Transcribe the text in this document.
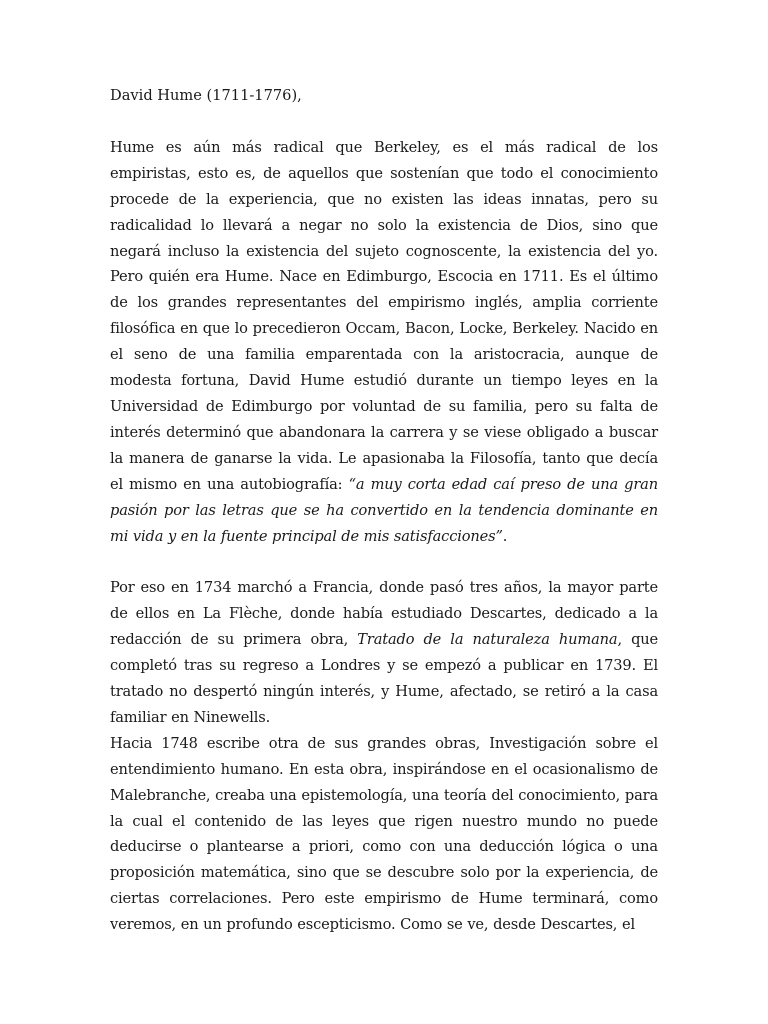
David Hume (1711-1776),

Hume es aún más radical que Berkeley, es el más radical de los empiristas, esto es, de aquellos que sostenían que todo el conocimiento procede de la experiencia, que no existen las ideas innatas, pero su radicalidad lo llevará a negar no solo la existencia de Dios, sino que negará incluso la existencia del sujeto cognoscente, la existencia del yo. Pero quién era Hume. Nace en Edimburgo, Escocia en 1711. Es el último de los grandes representantes del empirismo inglés, amplia corriente filosófica en que lo precedieron Occam, Bacon, Locke, Berkeley. Nacido en el seno de una familia emparentada con la aristocracia, aunque de modesta fortuna, David Hume estudió durante un tiempo leyes en la Universidad de Edimburgo por voluntad de su familia, pero su falta de interés determinó que abandonara la carrera y se viese obligado a buscar la manera de ganarse la vida. Le apasionaba la Filosofía, tanto que decía el mismo en una autobiografía: “a muy corta edad caí preso de una gran pasión por las letras que se ha convertido en la tendencia dominante en mi vida y en la fuente principal de mis satisfacciones”.

Por eso en 1734 marchó a Francia, donde pasó tres años, la mayor parte de ellos en La Flèche, donde había estudiado Descartes, dedicado a la redacción de su primera obra, Tratado de la naturaleza humana, que completó tras su regreso a Londres y se empezó a publicar en 1739. El tratado no despertó ningún interés, y Hume, afectado, se retiró a la casa familiar en Ninewells.

Hacia 1748 escribe otra de sus grandes obras, Investigación sobre el entendimiento humano. En esta obra, inspirándose en el ocasionalismo de Malebranche, creaba una epistemología, una teoría del conocimiento, para la cual el contenido de las leyes que rigen nuestro mundo no puede deducirse o plantearse a priori, como con una deducción lógica o una proposición matemática, sino que se descubre solo por la experiencia, de ciertas correlaciones. Pero este empirismo de Hume terminará, como veremos, en un profundo escepticismo. Como se ve, desde Descartes, el
